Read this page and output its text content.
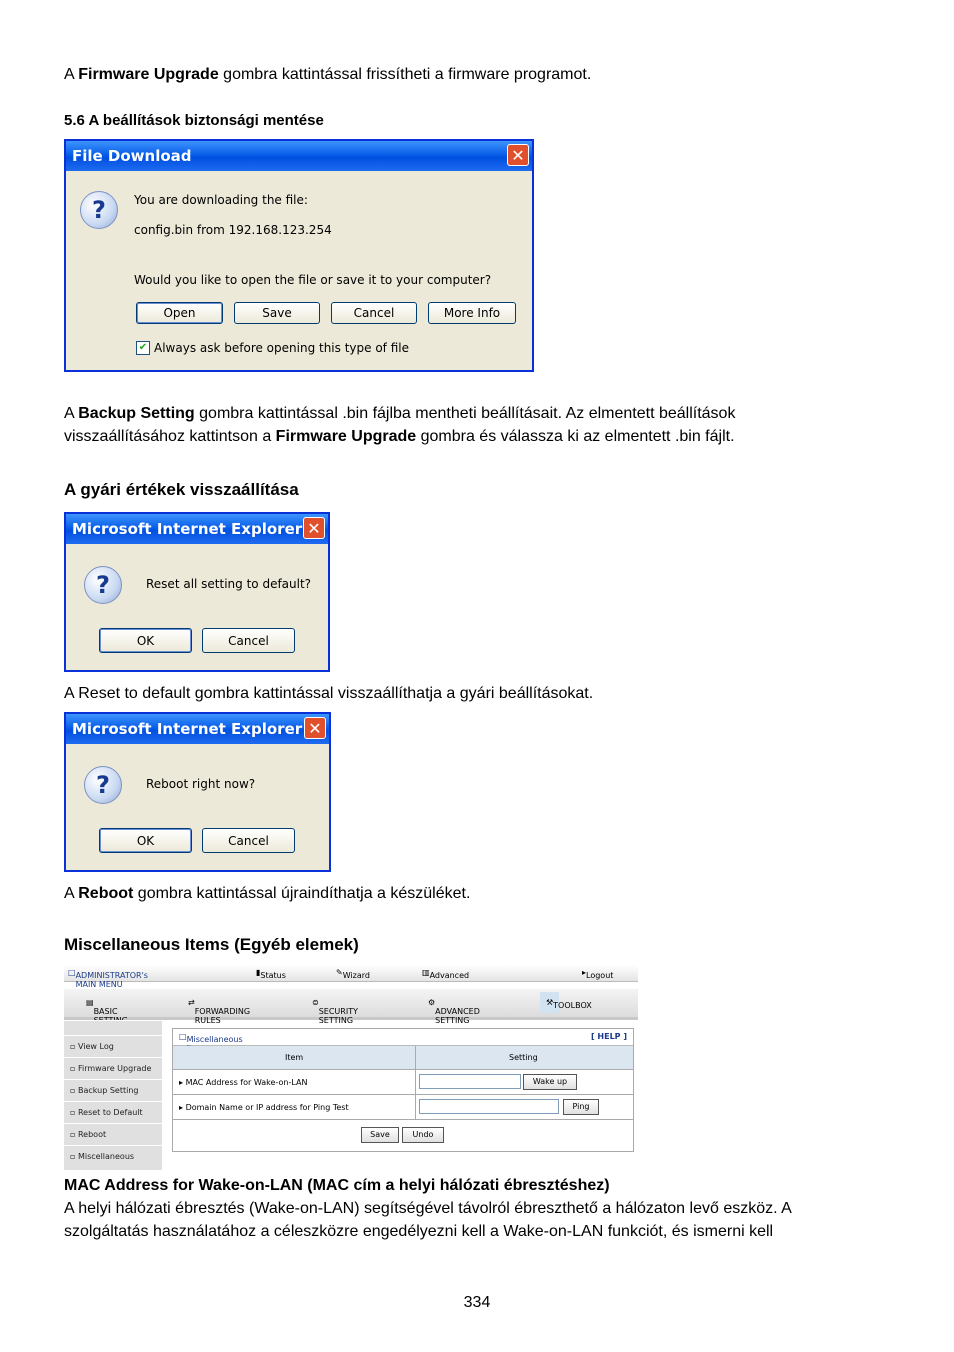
A Firmware Upgrade gombra kattintással frissítheti a firmware programot.
5.6 A beállítások biztonsági mentése
File Download	✕
?	You are downloading the file:
config.bin from 192.168.123.254
Would you like to open the file or save it to your computer?
Open	Save	Cancel	More Info
✔ Always ask before opening this type of file
A Backup Setting gombra kattintással .bin fájlba mentheti beállításait. Az elmentett beállítások
visszaállításához kattintson a Firmware Upgrade gombra és válassza ki az elmentett .bin fájlt.
A gyári értékek visszaállítása
Microsoft Internet Explorer ✕
?	Reset all setting to default?
OK	Cancel
A Reset to default gombra kattintással visszaállíthatja a gyári beállításokat.
Microsoft Internet Explorer ✕
?	Reboot right now?
OK	Cancel
A Reboot gombra kattintással újraindíthatja a készüléket.
Miscellaneous Items (Egyéb elemek)
□ ADMINISTRATOR's MAIN MENU
▮ Status	✎ Wizard	▥ Advanced	▸ Logout
▤
BASIC
⇄
FORWARDING RULES
⊜
SECURITY SETTING
⚙
ADVANCED SETTING
⚒ TOOLBOX
▫ View Log
▫ Firmware Upgrade
▫ Backup Setting
▫ Reset to Default
▫ Reboot
▫ Miscellaneous
□ Miscellaneous	[ HELP ]
Item	Setting
▸ MAC Address for Wake-on-LAN	Wake up
▸ Domain Name or IP address for Ping Test	Ping
Save	Undo
MAC Address for Wake-on-LAN (MAC cím a helyi hálózati ébresztéshez)
A helyi hálózati ébresztés (Wake-on-LAN) segítségével távolról ébreszthető a hálózaton levő eszköz. A
szolgáltatás használatához a céleszközre engedélyezni kell a Wake-on-LAN funkciót, és ismerni kell
334
